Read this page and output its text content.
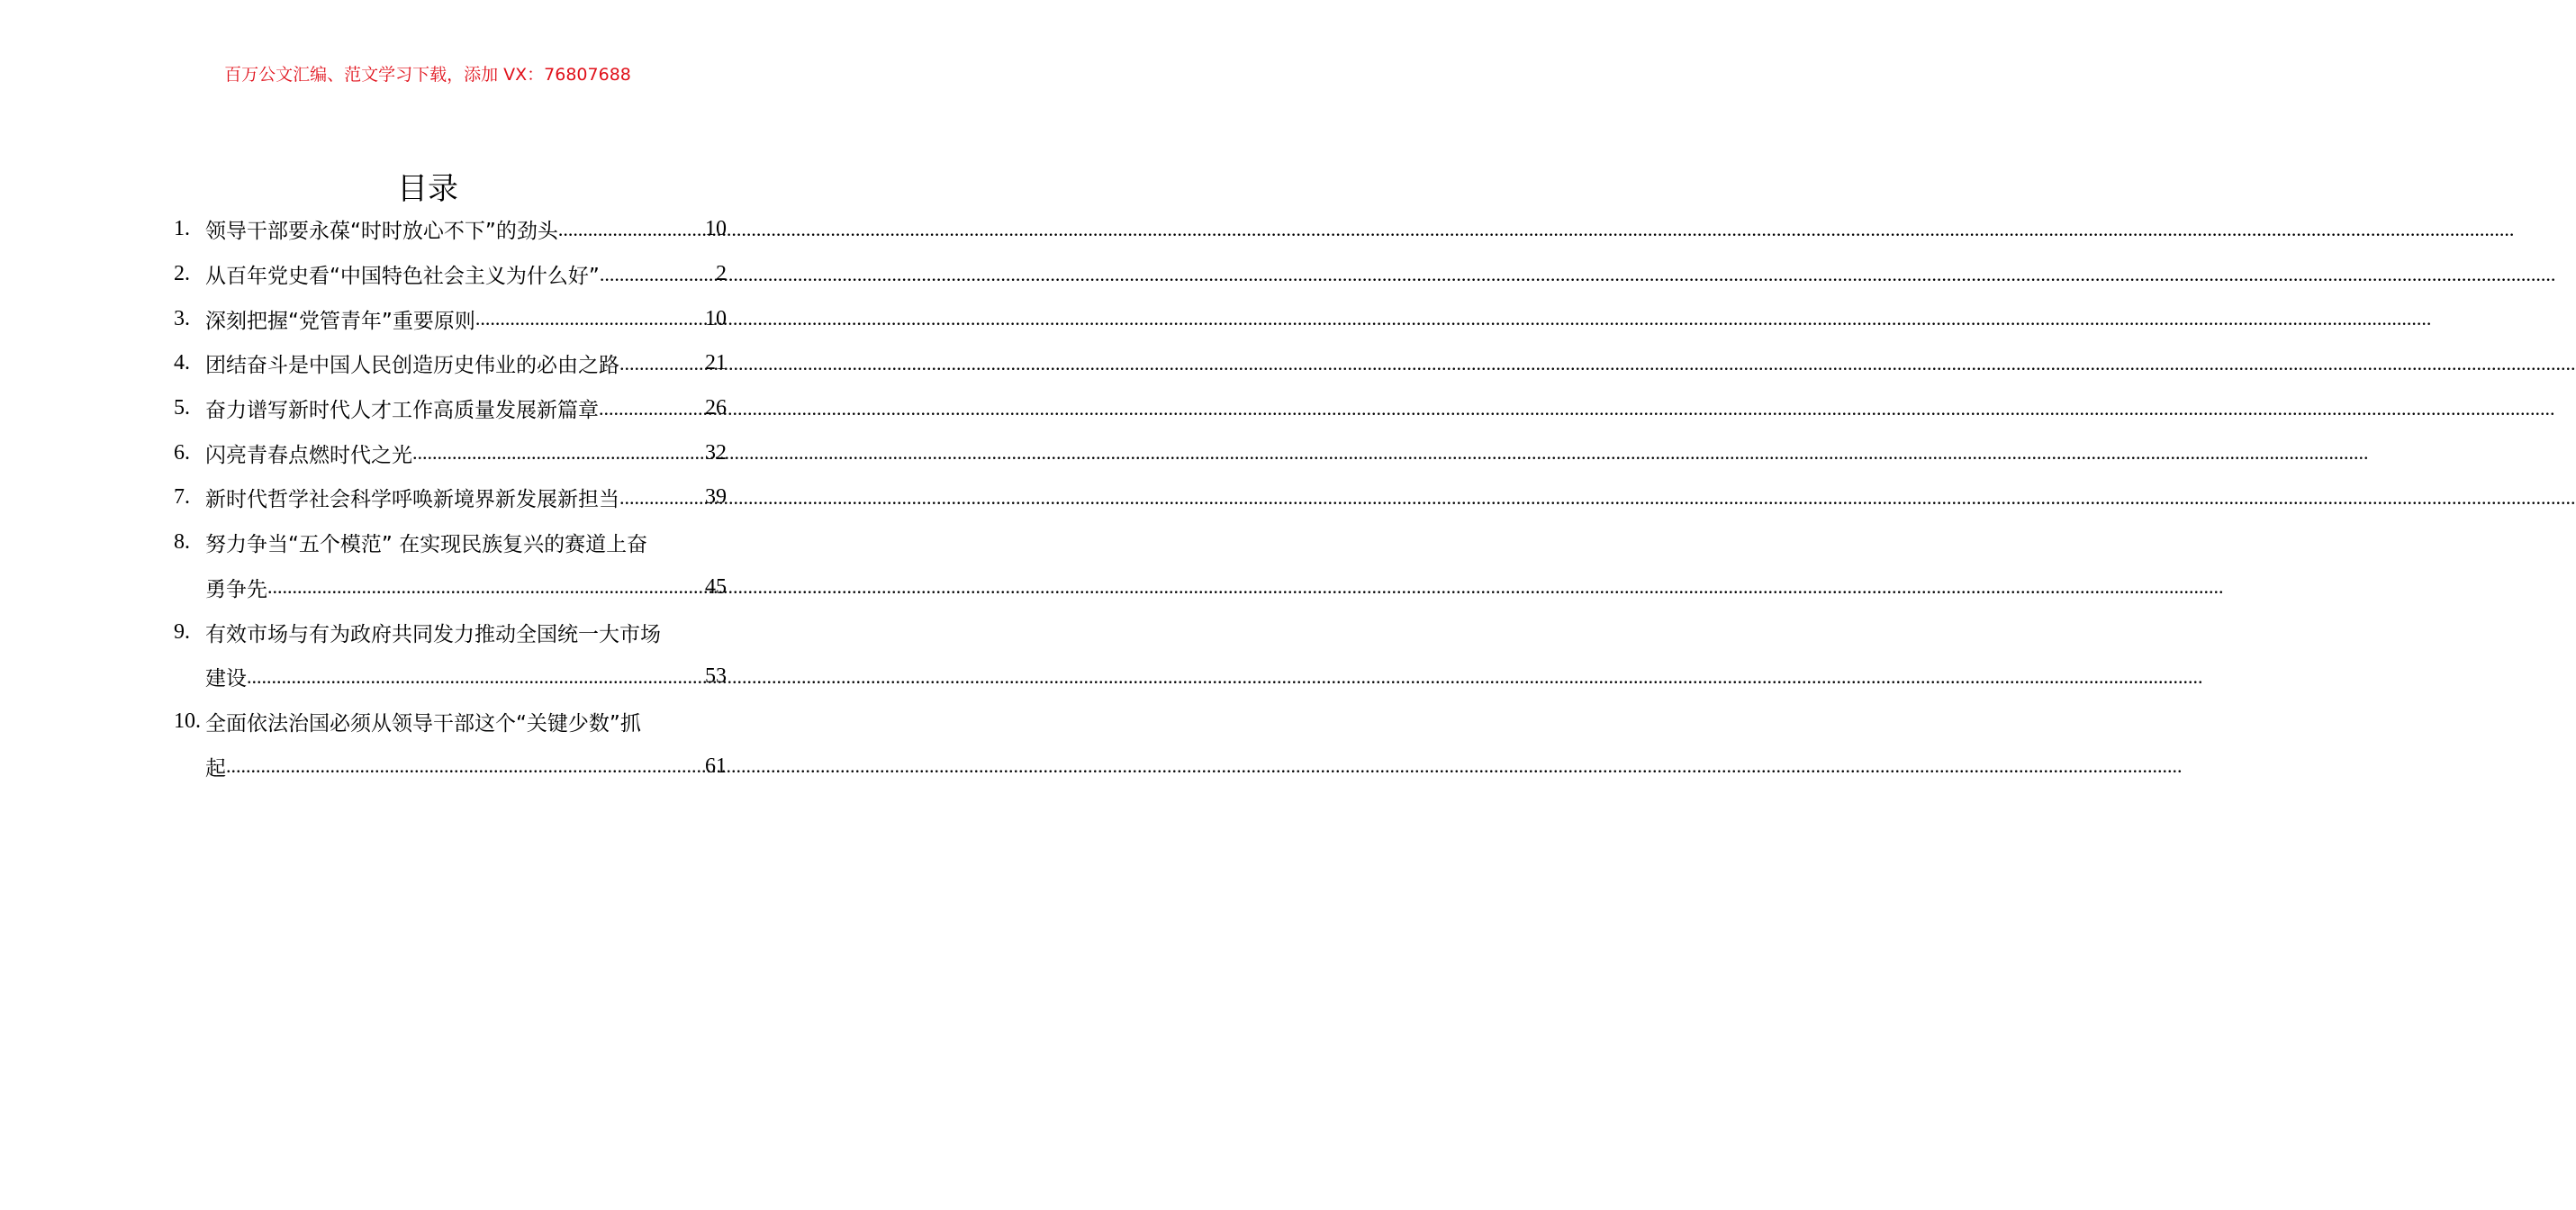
百万公文汇编、范文学习下载，添加 VX：76807688
目录
1. 领导干部要永葆“时时放心不下”的劲头 .....	10
2. 从百年党史看“中国特色社会主义为什么好” .....	2
3. 深刻把握“党管青年”重要原则 .....	10
4. 团结奋斗是中国人民创造历史伟业的必由之路 .....	21
5. 奋力谱写新时代人才工作高质量发展新篇章 .....	26
6. 闪亮青春点燃时代之光 .....	32
7. 新时代哲学社会科学呼唤新境界新发展新担当 .....	39
8. 努力争当“五个模范” 在实现民族复兴的赛道上奋
勇争先 .....	45
9. 有效市场与有为政府共同发力推动全国统一大市场
建设 .....	53
10. 全面依法治国必须从领导干部这个“关键少数”抓
起 .....	61
